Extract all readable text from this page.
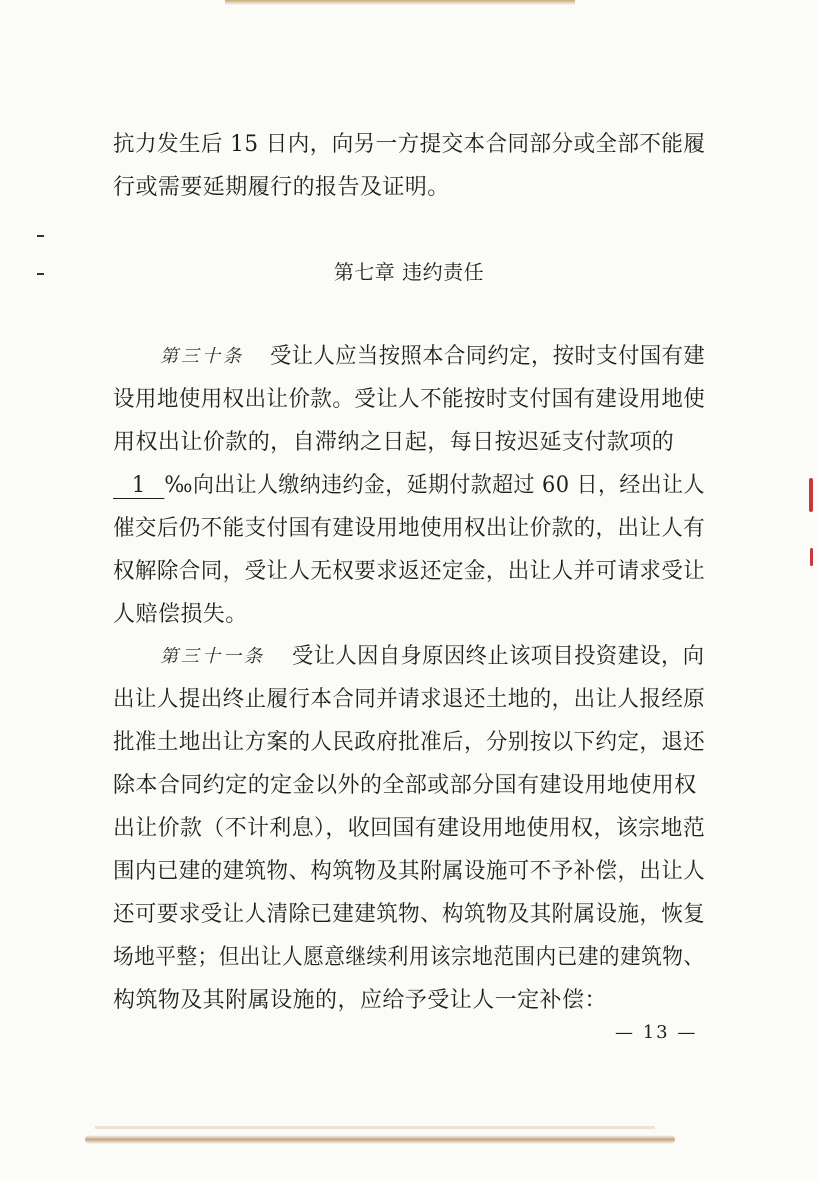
抗力发生后 15 日内，向另一方提交本合同部分或全部不能履
行或需要延期履行的报告及证明。
第七章 违约责任
第三十条 受让人应当按照本合同约定，按时支付国有建
设用地使用权出让价款。受让人不能按时支付国有建设用地使
用权出让价款的，自滞纳之日起，每日按迟延支付款项的
1 ‰向出让人缴纳违约金，延期付款超过 60 日，经出让人
催交后仍不能支付国有建设用地使用权出让价款的，出让人有
权解除合同，受让人无权要求返还定金，出让人并可请求受让
人赔偿损失。
第三十一条 受让人因自身原因终止该项目投资建设，向
出让人提出终止履行本合同并请求退还土地的，出让人报经原
批准土地出让方案的人民政府批准后，分别按以下约定，退还
除本合同约定的定金以外的全部或部分国有建设用地使用权
出让价款（不计利息），收回国有建设用地使用权，该宗地范
围内已建的建筑物、构筑物及其附属设施可不予补偿，出让人
还可要求受让人清除已建建筑物、构筑物及其附属设施，恢复
场地平整；但出让人愿意继续利用该宗地范围内已建的建筑物、
构筑物及其附属设施的，应给予受让人一定补偿：
— 13 —
